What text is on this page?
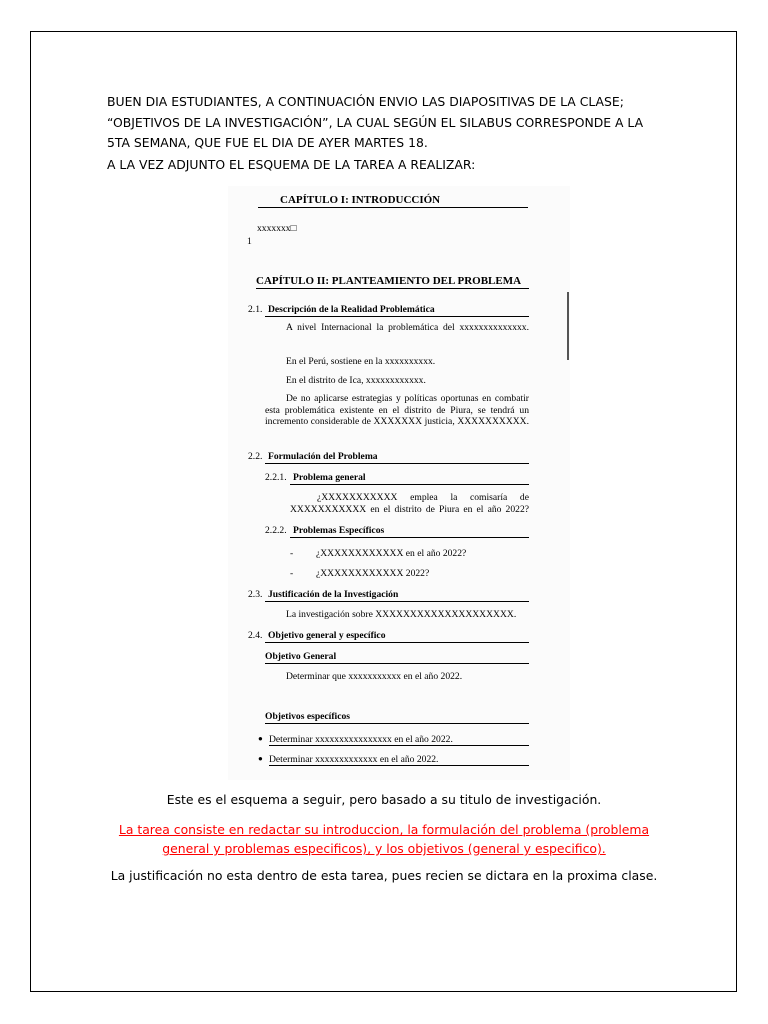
BUEN DIA ESTUDIANTES, A CONTINUACIÓN ENVIO LAS DIAPOSITIVAS DE LA CLASE; “OBJETIVOS DE LA INVESTIGACIÓN”, LA CUAL SEGÚN EL SILABUS CORRESPONDE A LA 5TA SEMANA, QUE FUE EL DIA DE AYER MARTES 18.

A LA VEZ ADJUNTO EL ESQUEMA DE LA TAREA A REALIZAR:

CAPÍTULO I: INTRODUCCIÓN
xxxxxxx□
1
CAPÍTULO II: PLANTEAMIENTO DEL PROBLEMA
2.1. Descripción de la Realidad Problemática
A nivel Internacional la problemática del xxxxxxxxxxxxxx.
En el Perú, sostiene en la xxxxxxxxxx.
En el distrito de Ica, xxxxxxxxxxxx.
De no aplicarse estrategias y políticas oportunas en combatir esta problemática existente en el distrito de Piura, se tendrá un incremento considerable de XXXXXXX justicia, XXXXXXXXXX.
2.2. Formulación del Problema
2.2.1. Problema general
¿XXXXXXXXXXX emplea la comisaría de XXXXXXXXXXX en el distrito de Piura en el año 2022?
2.2.2. Problemas Específicos
- ¿XXXXXXXXXXXX en el año 2022?
- ¿XXXXXXXXXXXX 2022?
2.3. Justificación de la Investigación
La investigación sobre XXXXXXXXXXXXXXXXXXXX.
2.4. Objetivo general y específico
Objetivo General
Determinar que xxxxxxxxxxx en el año 2022.
Objetivos específicos
● Determinar xxxxxxxxxxxxxxxx en el año 2022.
● Determinar xxxxxxxxxxxxx en el año 2022.

Este es el esquema a seguir, pero basado a su titulo de investigación.

La tarea consiste en redactar su introduccion, la formulación del problema (problema general y problemas especificos), y los objetivos (general y especifico).

La justificación no esta dentro de esta tarea, pues recien se dictara en la proxima clase.
